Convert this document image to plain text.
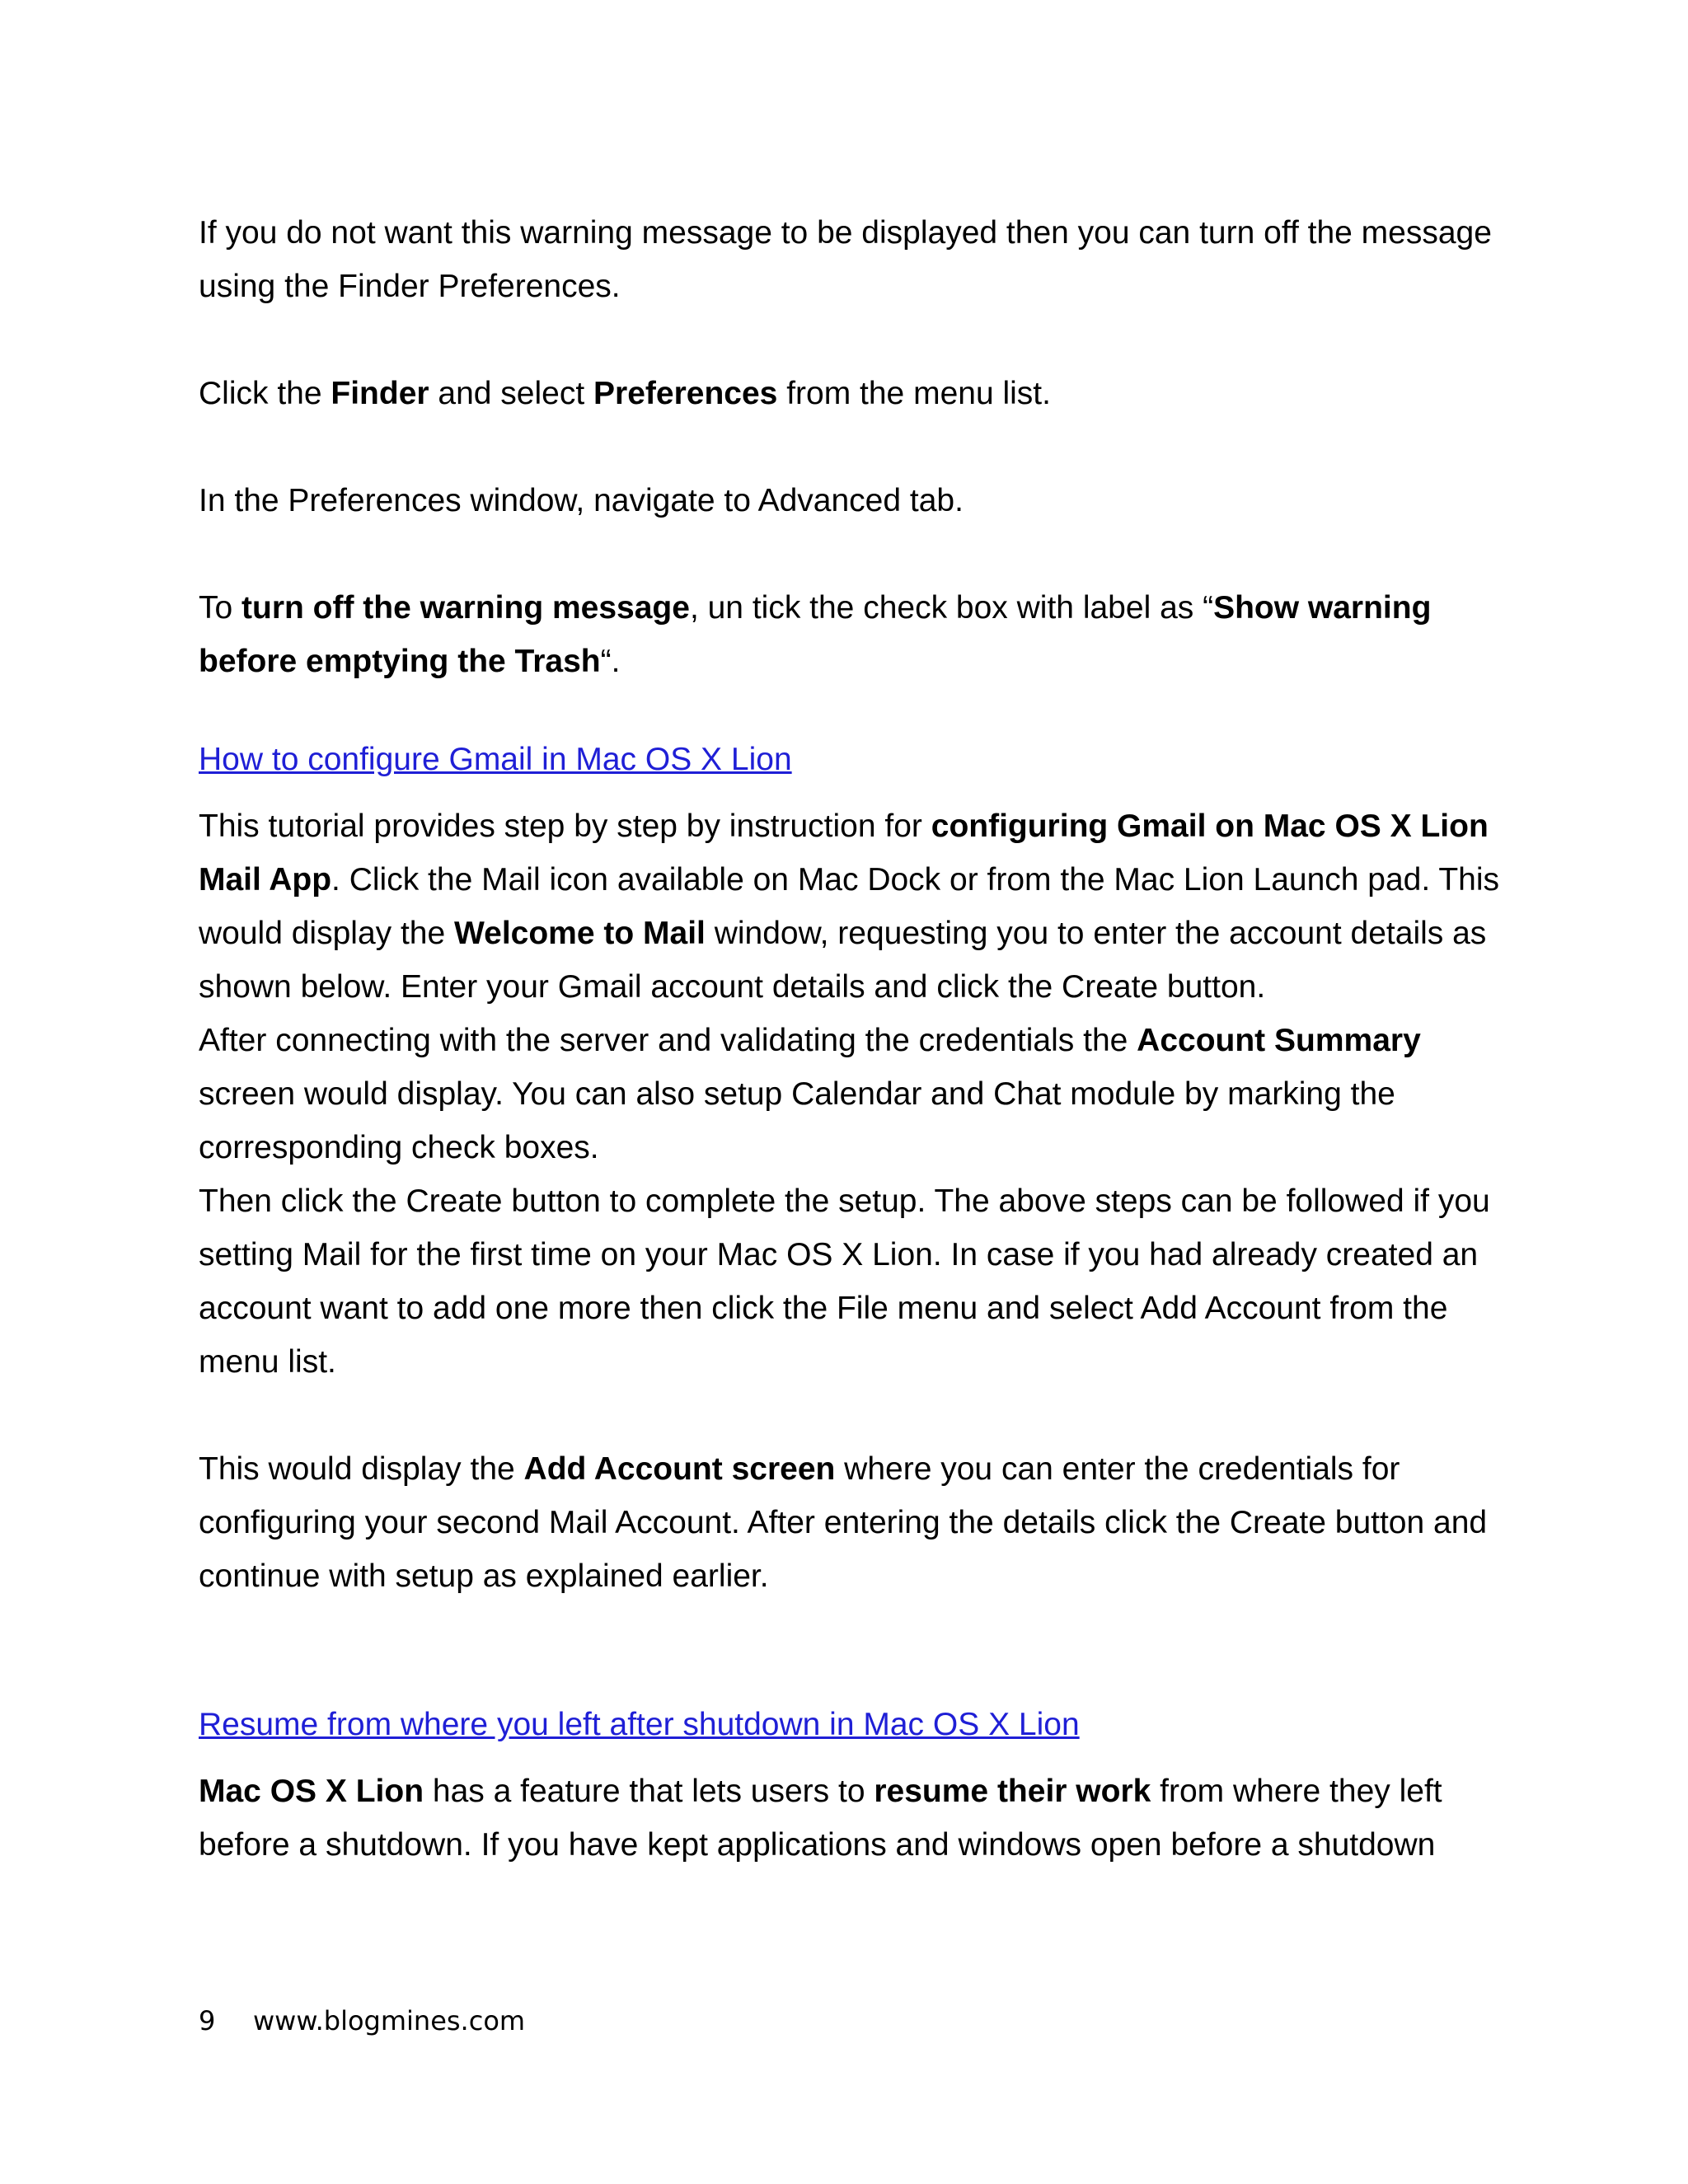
If you do not want this warning message to be displayed then you can turn off the message using the Finder Preferences.

Click the Finder and select Preferences from the menu list.

In the Preferences window, navigate to Advanced tab.

To turn off the warning message, un tick the check box with label as “Show warning before emptying the Trash“.

How to configure Gmail in Mac OS X Lion

This tutorial provides step by step by instruction for configuring Gmail on Mac OS X Lion Mail App. Click the Mail icon available on Mac Dock or from the Mac Lion Launch pad. This would display the Welcome to Mail window, requesting you to enter the account details as shown below. Enter your Gmail account details and click the Create button.

After connecting with the server and validating the credentials the Account Summary screen would display. You can also setup Calendar and Chat module by marking the corresponding check boxes.

Then click the Create button to complete the setup. The above steps can be followed if you setting Mail for the first time on your Mac OS X Lion. In case if you had already created an account want to add one more then click the File menu and select Add Account from the menu list.

This would display the Add Account screen where you can enter the credentials for configuring your second Mail Account. After entering the details click the Create button and continue with setup as explained earlier.

Resume from where you left after shutdown in Mac OS X Lion

Mac OS X Lion has a feature that lets users to resume their work from where they left before a shutdown. If you have kept applications and windows open before a shutdown

9 www.blogmines.com
